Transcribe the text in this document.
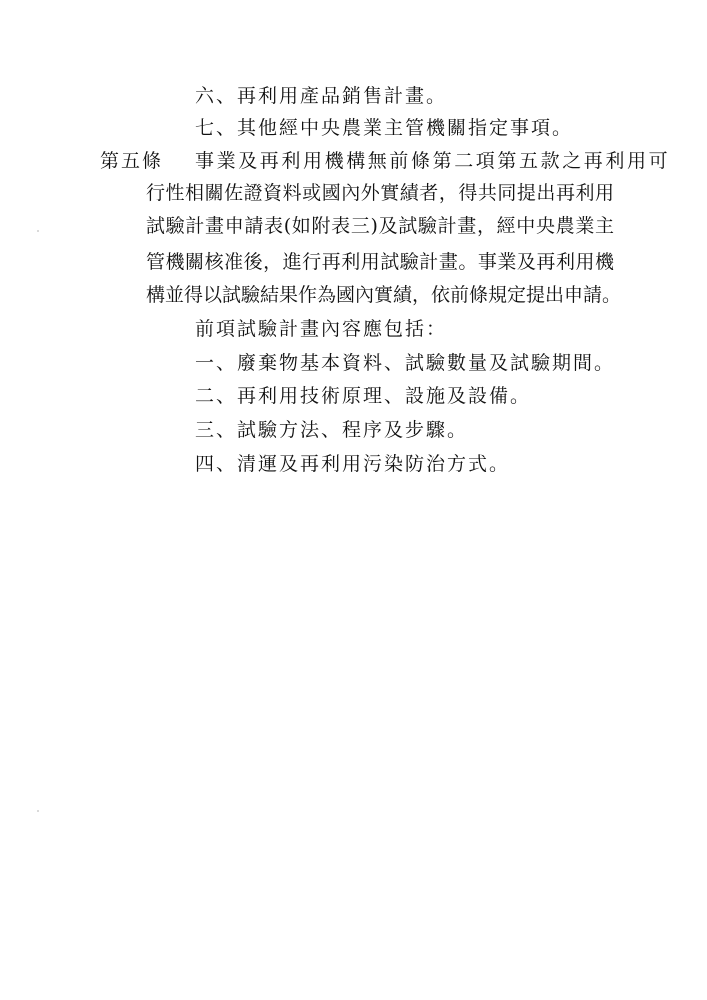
六、再利用產品銷售計畫。
七、其他經中央農業主管機關指定事項。
第五條 事業及再利用機構無前條第二項第五款之再利用可
行性相關佐證資料或國內外實績者，得共同提出再利用
試驗計畫申請表(如附表三)及試驗計畫，經中央農業主
管機關核准後，進行再利用試驗計畫。事業及再利用機
構並得以試驗結果作為國內實績，依前條規定提出申請。
前項試驗計畫內容應包括：
一、廢棄物基本資料、試驗數量及試驗期間。
二、再利用技術原理、設施及設備。
三、試驗方法、程序及步驟。
四、清運及再利用污染防治方式。
